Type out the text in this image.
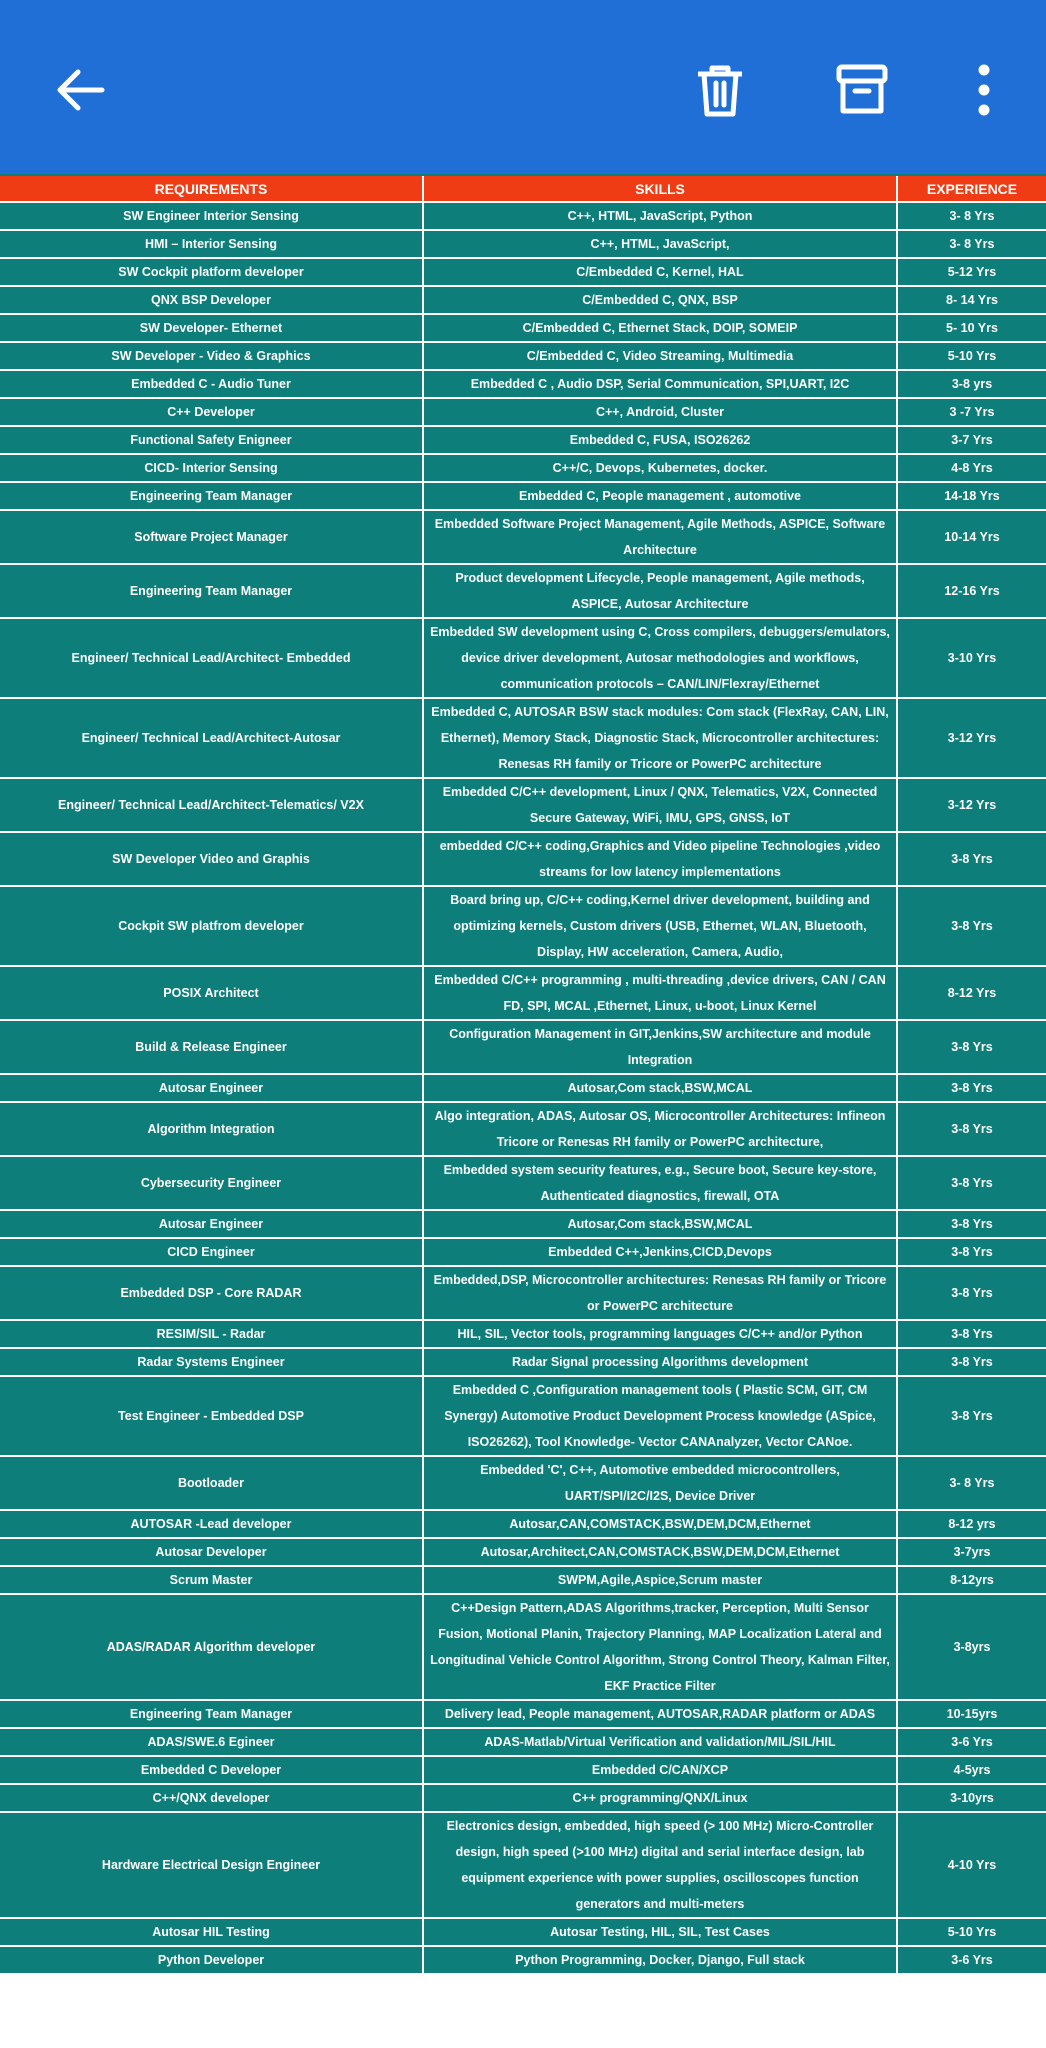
REQUIREMENTS	SKILLS	EXPERIENCE
SW Engineer Interior Sensing	C++, HTML, JavaScript, Python	3- 8 Yrs
HMI – Interior Sensing	C++, HTML, JavaScript,	3- 8 Yrs
SW Cockpit platform developer	C/Embedded C, Kernel, HAL	5-12 Yrs
QNX BSP Developer	C/Embedded C, QNX, BSP	8- 14 Yrs
SW Developer- Ethernet	C/Embedded C, Ethernet Stack, DOIP, SOMEIP	5- 10 Yrs
SW Developer - Video & Graphics	C/Embedded C, Video Streaming, Multimedia	5-10 Yrs
Embedded C - Audio Tuner	Embedded C , Audio DSP, Serial Communication, SPI,UART, I2C	3-8 yrs
C++ Developer	C++, Android, Cluster	3 -7 Yrs
Functional Safety Enigneer	Embedded C, FUSA, ISO26262	3-7 Yrs
CICD- Interior Sensing	C++/C, Devops, Kubernetes, docker.	4-8 Yrs
Engineering Team Manager	Embedded C, People management , automotive	14-18 Yrs
Software Project Manager	Embedded Software Project Management, Agile Methods, ASPICE, Software Architecture	10-14 Yrs
Engineering Team Manager	Product development Lifecycle, People management, Agile methods, ASPICE, Autosar Architecture	12-16 Yrs
Engineer/ Technical Lead/Architect- Embedded	Embedded SW development using C, Cross compilers, debuggers/emulators, device driver development, Autosar methodologies and workflows, communication protocols – CAN/LIN/Flexray/Ethernet	3-10 Yrs
Engineer/ Technical Lead/Architect-Autosar	Embedded C, AUTOSAR BSW stack modules: Com stack (FlexRay, CAN, LIN, Ethernet), Memory Stack, Diagnostic Stack, Microcontroller architectures: Renesas RH family or Tricore or PowerPC architecture	3-12 Yrs
Engineer/ Technical Lead/Architect-Telematics/ V2X	Embedded C/C++ development, Linux / QNX, Telematics, V2X, Connected Secure Gateway, WiFi, IMU, GPS, GNSS, IoT	3-12 Yrs
SW Developer Video and Graphis	embedded C/C++ coding,Graphics and Video pipeline Technologies ,video streams for low latency implementations	3-8 Yrs
Cockpit SW platfrom developer	Board bring up, C/C++ coding,Kernel driver development, building and optimizing kernels, Custom drivers (USB, Ethernet, WLAN, Bluetooth, Display, HW acceleration, Camera, Audio,	3-8 Yrs
POSIX Architect	Embedded C/C++ programming , multi-threading ,device drivers, CAN / CAN FD, SPI, MCAL ,Ethernet, Linux, u-boot, Linux Kernel	8-12 Yrs
Build & Release Engineer	Configuration Management in GIT,Jenkins,SW architecture and module Integration	3-8 Yrs
Autosar Engineer	Autosar,Com stack,BSW,MCAL	3-8 Yrs
Algorithm Integration	Algo integration, ADAS, Autosar OS, Microcontroller Architectures: Infineon Tricore or Renesas RH family or PowerPC architecture,	3-8 Yrs
Cybersecurity Engineer	Embedded system security features, e.g., Secure boot, Secure key-store, Authenticated diagnostics, firewall, OTA	3-8 Yrs
Autosar Engineer	Autosar,Com stack,BSW,MCAL	3-8 Yrs
CICD Engineer	Embedded C++,Jenkins,CICD,Devops	3-8 Yrs
Embedded DSP - Core RADAR	Embedded,DSP, Microcontroller architectures: Renesas RH family or Tricore or PowerPC architecture	3-8 Yrs
RESIM/SIL - Radar	HIL, SIL, Vector tools, programming languages C/C++ and/or Python	3-8 Yrs
Radar Systems Engineer	Radar Signal processing Algorithms development	3-8 Yrs
Test Engineer - Embedded DSP	Embedded C ,Configuration management tools ( Plastic SCM, GIT, CM Synergy) Automotive Product Development Process knowledge (ASpice, ISO26262), Tool Knowledge- Vector CANAnalyzer, Vector CANoe.	3-8 Yrs
Bootloader	Embedded 'C', C++, Automotive embedded microcontrollers, UART/SPI/I2C/I2S, Device Driver	3- 8 Yrs
AUTOSAR -Lead developer	Autosar,CAN,COMSTACK,BSW,DEM,DCM,Ethernet	8-12 yrs
Autosar Developer	Autosar,Architect,CAN,COMSTACK,BSW,DEM,DCM,Ethernet	3-7yrs
Scrum Master	SWPM,Agile,Aspice,Scrum master	8-12yrs
ADAS/RADAR Algorithm developer	C++Design Pattern,ADAS Algorithms,tracker, Perception, Multi Sensor Fusion, Motional Planin, Trajectory Planning, MAP Localization Lateral and Longitudinal Vehicle Control Algorithm, Strong Control Theory, Kalman Filter, EKF Practice Filter	3-8yrs
Engineering Team Manager	Delivery lead, People management, AUTOSAR,RADAR platform or ADAS	10-15yrs
ADAS/SWE.6 Egineer	ADAS-Matlab/Virtual Verification and validation/MIL/SIL/HIL	3-6 Yrs
Embedded C Developer	Embedded C/CAN/XCP	4-5yrs
C++/QNX developer	C++ programming/QNX/Linux	3-10yrs
Hardware Electrical Design Engineer	Electronics design, embedded, high speed (> 100 MHz) Micro-Controller design, high speed (>100 MHz) digital and serial interface design, lab equipment experience with power supplies, oscilloscopes function generators and multi-meters	4-10 Yrs
Autosar HIL Testing	Autosar Testing, HIL, SIL, Test Cases	5-10 Yrs
Python Developer	Python Programming, Docker, Django, Full stack	3-6 Yrs
